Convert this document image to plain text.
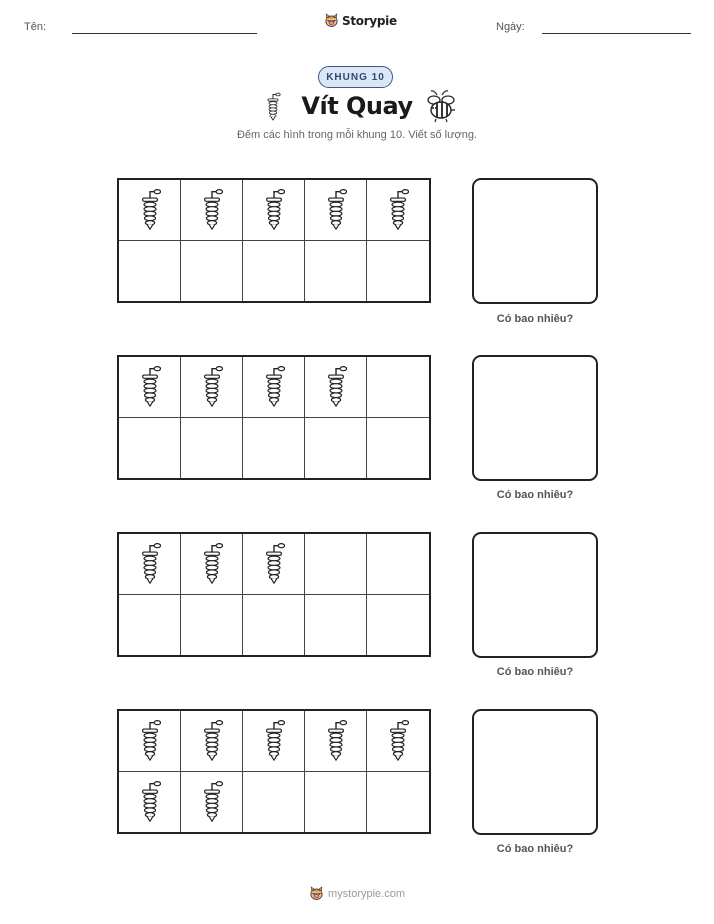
Tên:	Storypie	Ngày:
KHUNG 10
Vít Quay
Đếm các hình trong mỗi khung 10. Viết số lượng.
Có bao nhiêu?
Có bao nhiêu?
Có bao nhiêu?
Có bao nhiêu?
mystorypie.com
